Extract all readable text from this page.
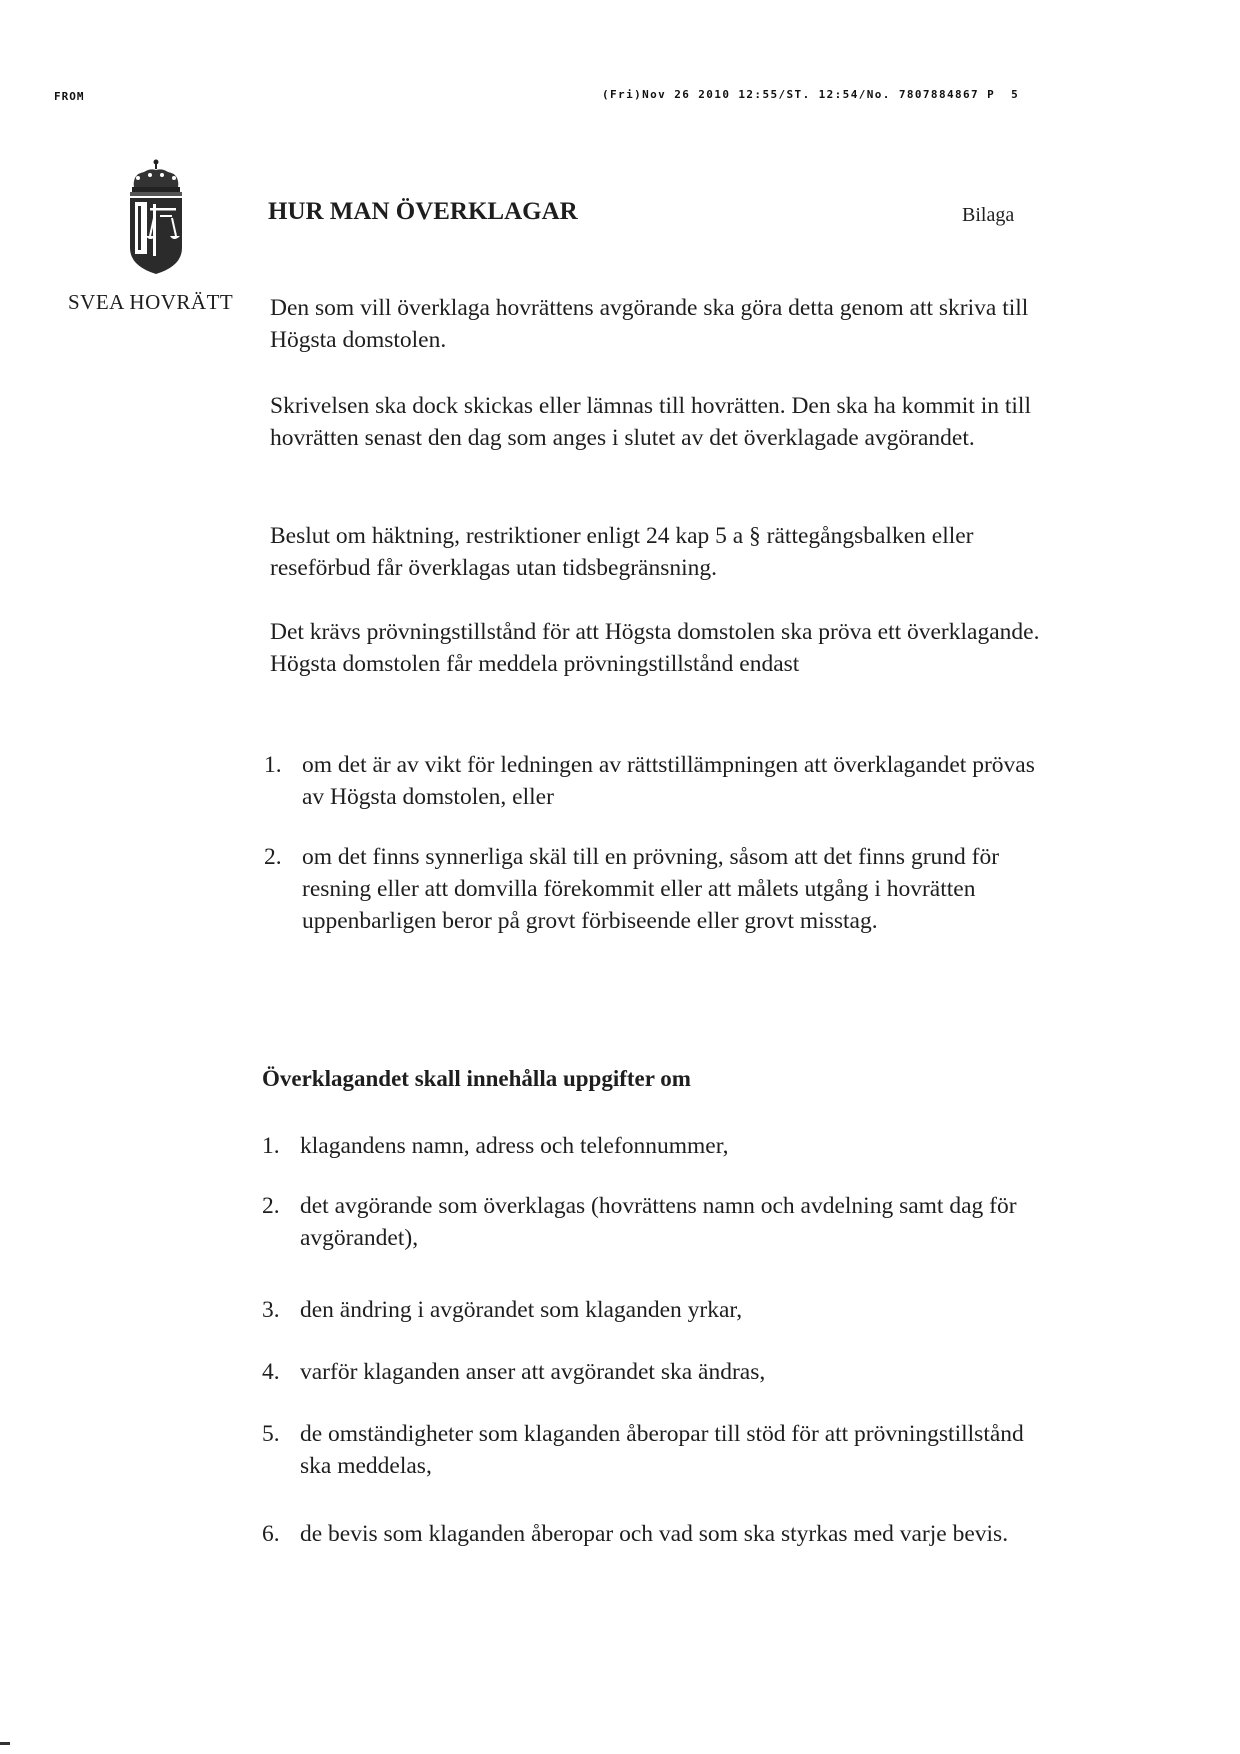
FROM	(Fri)Nov 26 2010 12:55/ST. 12:54/No. 7807884867 P  5
SVEA HOVRÄTT
HUR MAN ÖVERKLAGAR	Bilaga
Den som vill överklaga hovrättens avgörande ska göra detta genom att skriva till Högsta domstolen.
Skrivelsen ska dock skickas eller lämnas till hovrätten. Den ska ha kommit in till hovrätten senast den dag som anges i slutet av det överklagade avgörandet.
Beslut om häktning, restriktioner enligt 24 kap 5 a § rättegångsbalken eller reseförbud får överklagas utan tidsbegränsning.
Det krävs prövningstillstånd för att Högsta domstolen ska pröva ett överklagande. Högsta domstolen får meddela prövningstillstånd endast
1. om det är av vikt för ledningen av rättstillämpningen att överklagandet prövas av Högsta domstolen, eller
2. om det finns synnerliga skäl till en prövning, såsom att det finns grund för resning eller att domvilla förekommit eller att målets utgång i hovrätten uppenbarligen beror på grovt förbiseende eller grovt misstag.
Överklagandet skall innehålla uppgifter om
1. klagandens namn, adress och telefonnummer,
2. det avgörande som överklagas (hovrättens namn och avdelning samt dag för avgörandet),
3. den ändring i avgörandet som klaganden yrkar,
4. varför klaganden anser att avgörandet ska ändras,
5. de omständigheter som klaganden åberopar till stöd för att prövningstillstånd ska meddelas,
6. de bevis som klaganden åberopar och vad som ska styrkas med varje bevis.
